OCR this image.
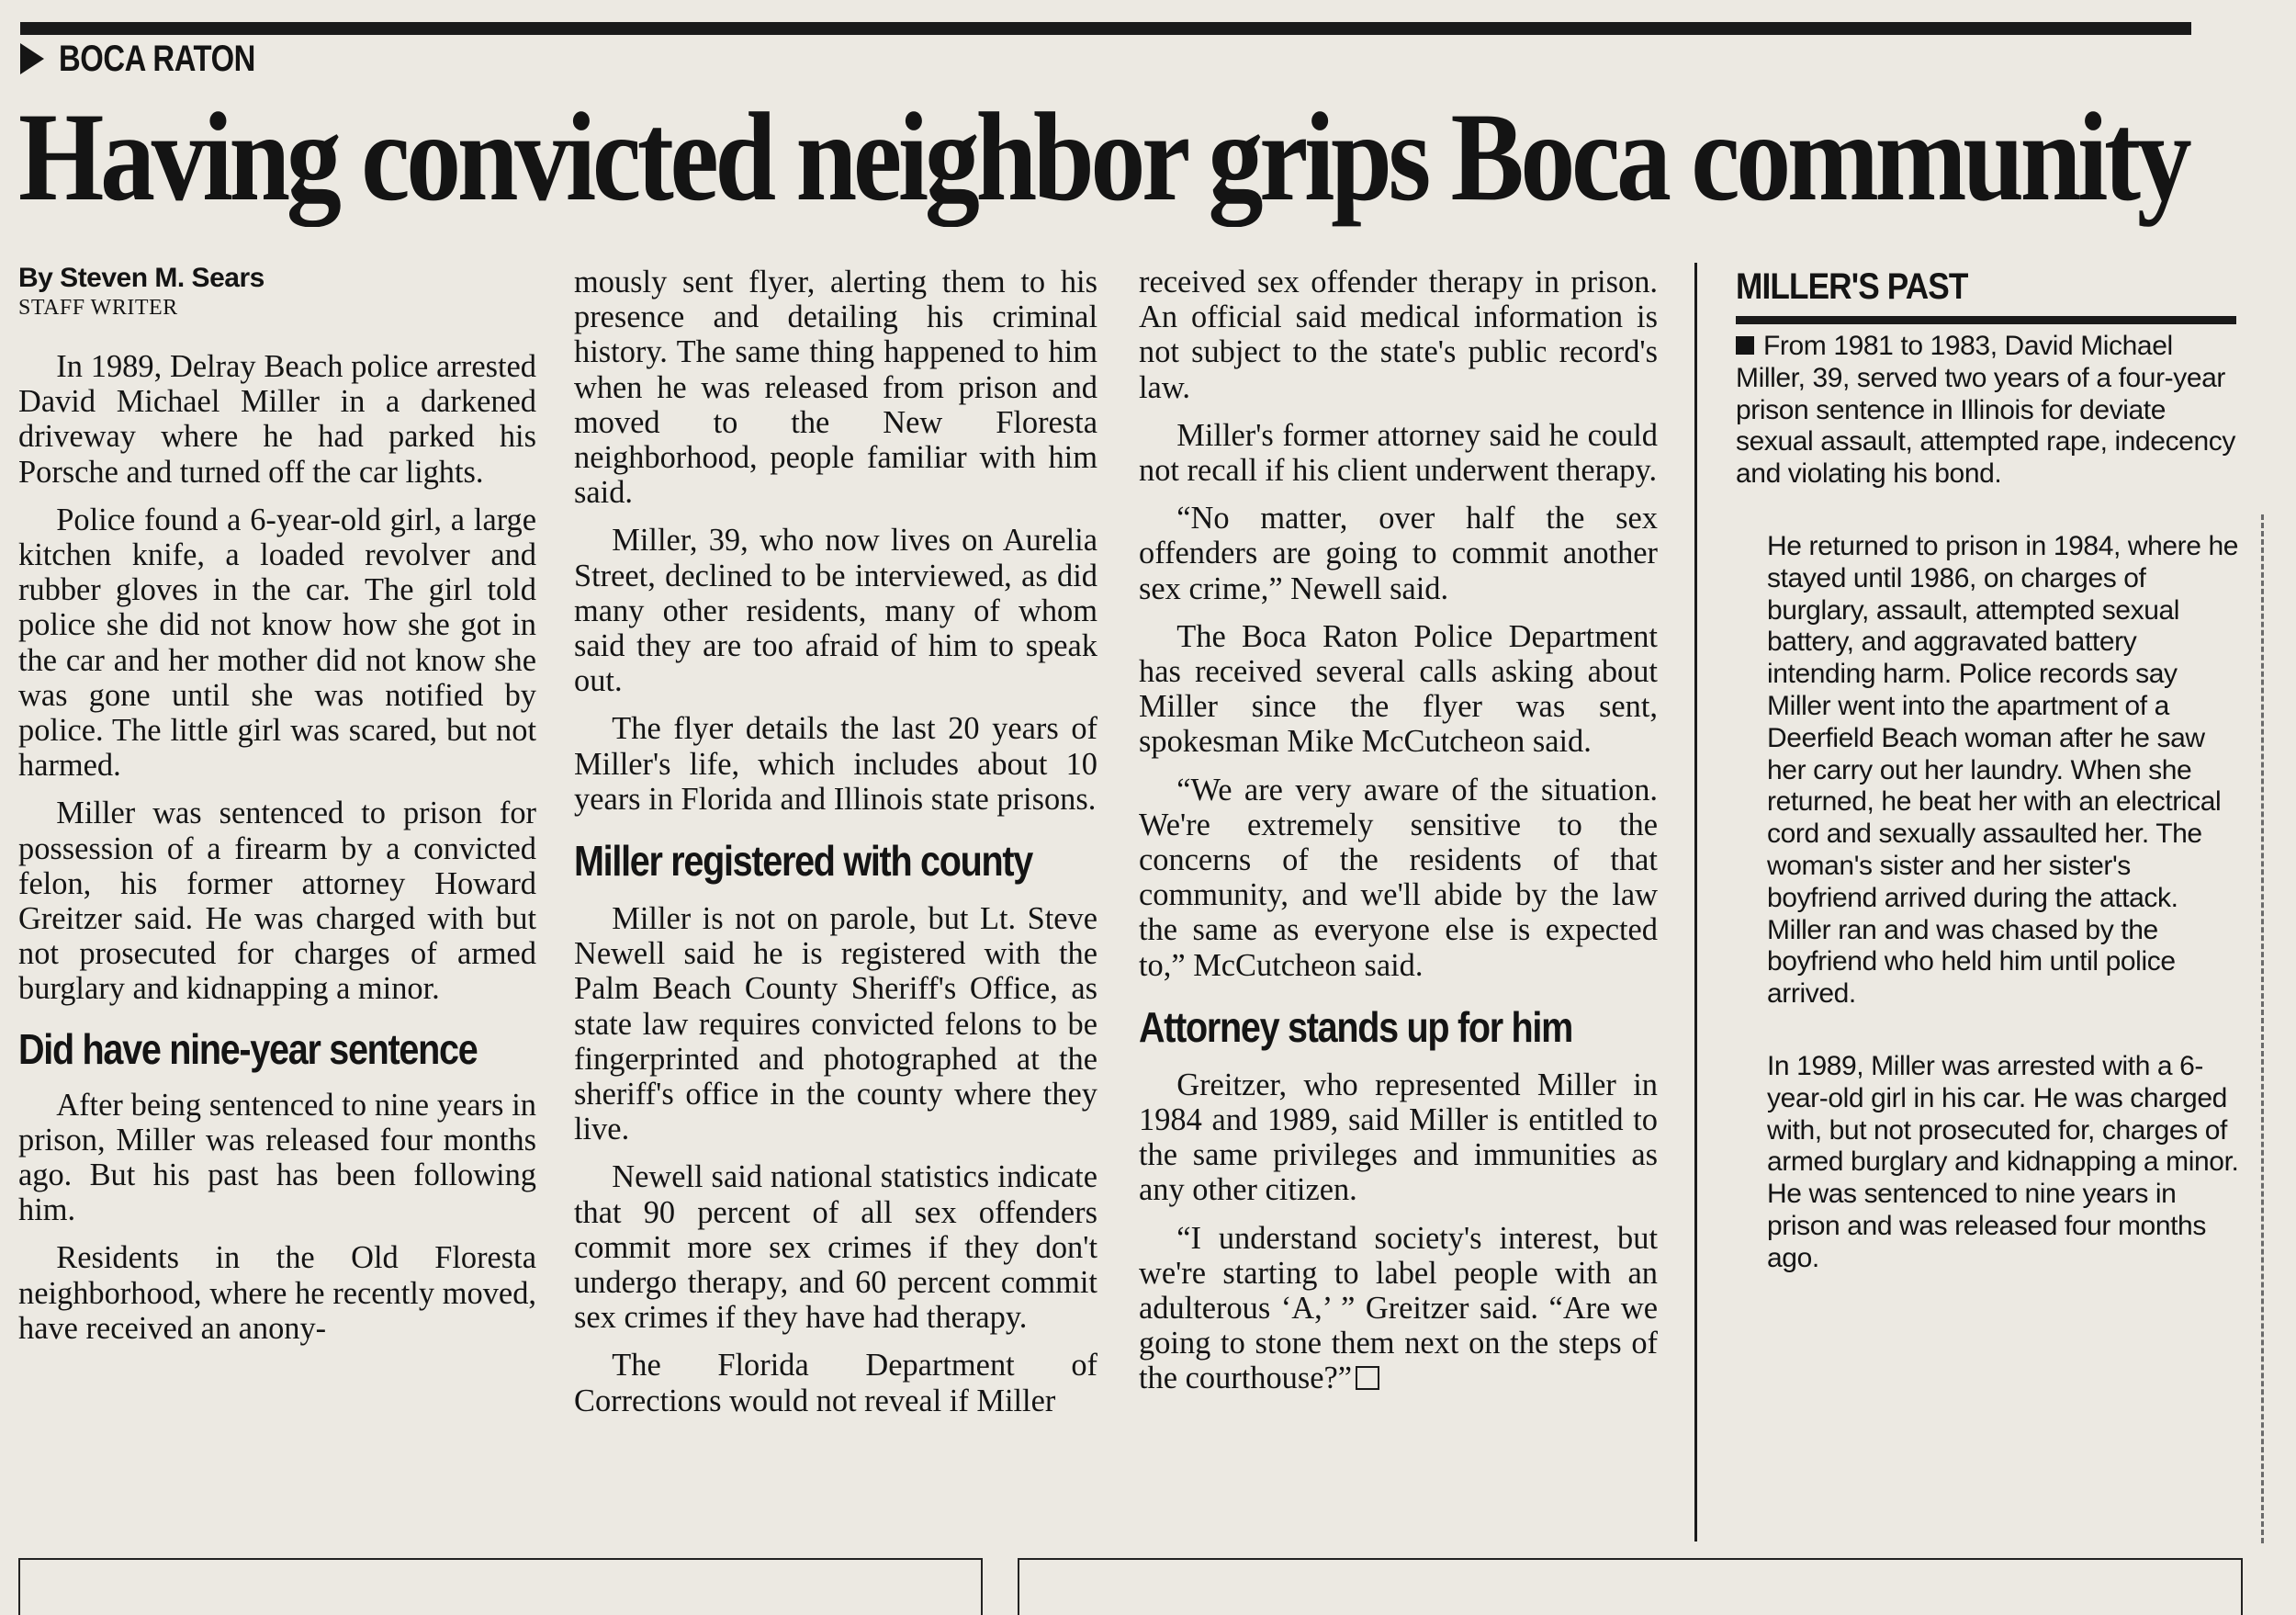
BOCA RATON
Having convicted neighbor grips Boca community
By Steven M. Sears
STAFF WRITER

In 1989, Delray Beach police arrested David Michael Miller in a darkened driveway where he had parked his Porsche and turned off the car lights.

Police found a 6-year-old girl, a large kitchen knife, a loaded revolver and rubber gloves in the car. The girl told police she did not know how she got in the car and her mother did not know she was gone until she was notified by police. The little girl was scared, but not harmed.

Miller was sentenced to prison for possession of a firearm by a convicted felon, his former attorney Howard Greitzer said. He was charged with but not prosecuted for charges of armed burglary and kidnapping a minor.

Did have nine-year sentence

After being sentenced to nine years in prison, Miller was released four months ago. But his past has been following him.

Residents in the Old Floresta neighborhood, where he recently moved, have received an anony-

mously sent flyer, alerting them to his presence and detailing his criminal history. The same thing happened to him when he was released from prison and moved to the New Floresta neighborhood, people familiar with him said.

Miller, 39, who now lives on Aurelia Street, declined to be interviewed, as did many other residents, many of whom said they are too afraid of him to speak out.

The flyer details the last 20 years of Miller's life, which includes about 10 years in Florida and Illinois state prisons.

Miller registered with county

Miller is not on parole, but Lt. Steve Newell said he is registered with the Palm Beach County Sheriff's Office, as state law requires convicted felons to be fingerprinted and photographed at the sheriff's office in the county where they live.

Newell said national statistics indicate that 90 percent of all sex offenders commit more sex crimes if they don't undergo therapy, and 60 percent commit sex crimes if they have had therapy.

The Florida Department of Corrections would not reveal if Miller

received sex offender therapy in prison. An official said medical information is not subject to the state's public record's law.

Miller's former attorney said he could not recall if his client underwent therapy.

“No matter, over half the sex offenders are going to commit another sex crime,” Newell said.

The Boca Raton Police Department has received several calls asking about Miller since the flyer was sent, spokesman Mike McCutcheon said.

“We are very aware of the situation. We're extremely sensitive to the concerns of the residents of that community, and we'll abide by the law the same as everyone else is expected to,” McCutcheon said.

Attorney stands up for him

Greitzer, who represented Miller in 1984 and 1989, said Miller is entitled to the same privileges and immunities as any other citizen.

“I understand society's interest, but we're starting to label people with an adulterous ‘A,’ ” Greitzer said. “Are we going to stone them next on the steps of the courthouse?”

MILLER'S PAST

From 1981 to 1983, David Michael Miller, 39, served two years of a four-year prison sentence in Illinois for deviate sexual assault, attempted rape, indecency and violating his bond.

He returned to prison in 1984, where he stayed until 1986, on charges of burglary, assault, attempted sexual battery, and aggravated battery intending harm. Police records say Miller went into the apartment of a Deerfield Beach woman after he saw her carry out her laundry. When she returned, he beat her with an electrical cord and sexually assaulted her. The woman's sister and her sister's boyfriend arrived during the attack. Miller ran and was chased by the boyfriend who held him until police arrived.

In 1989, Miller was arrested with a 6-year-old girl in his car. He was charged with, but not prosecuted for, charges of armed burglary and kidnapping a minor. He was sentenced to nine years in prison and was released four months ago.
